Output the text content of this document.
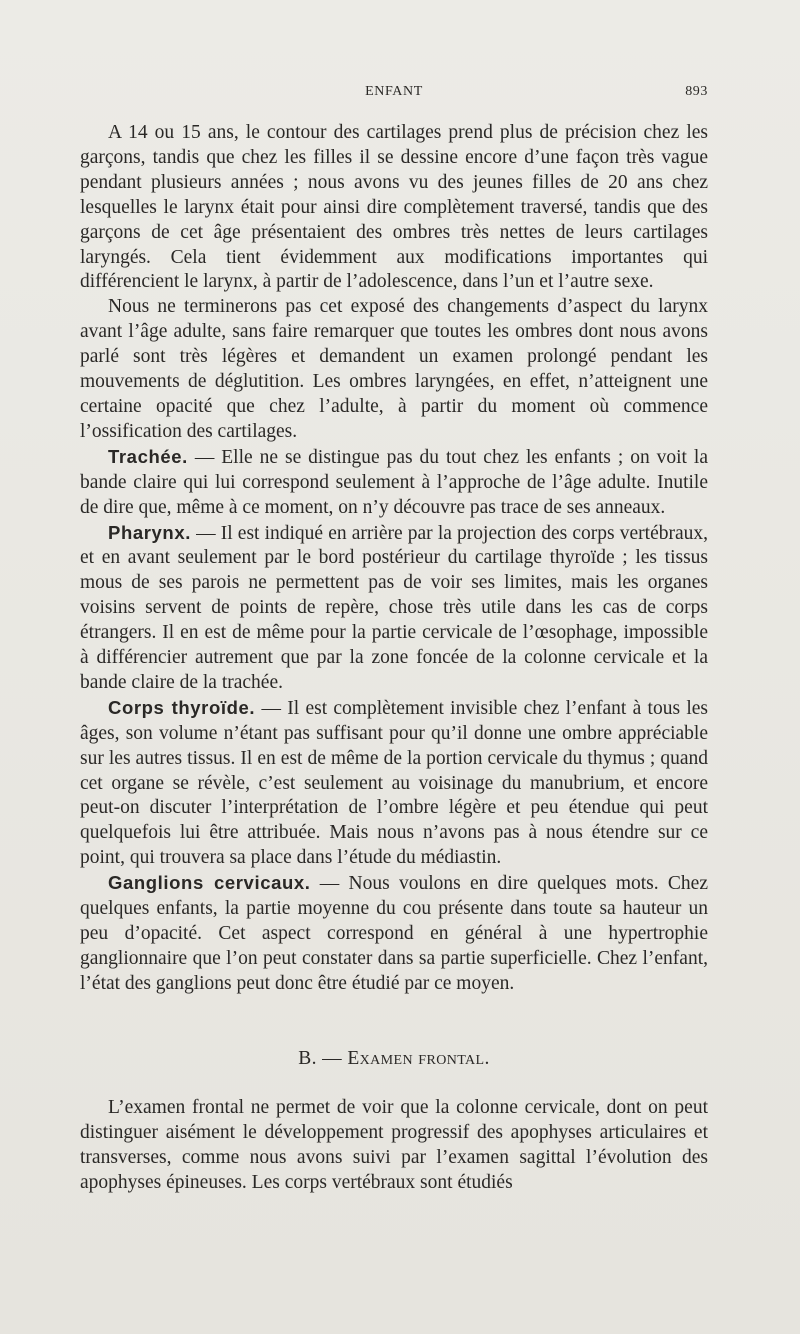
ENFANT	893

A 14 ou 15 ans, le contour des cartilages prend plus de précision chez les garçons, tandis que chez les filles il se dessine encore d’une façon très vague pendant plusieurs années ; nous avons vu des jeunes filles de 20 ans chez lesquelles le larynx était pour ainsi dire complètement traversé, tandis que des garçons de cet âge présentaient des ombres très nettes de leurs cartilages laryngés. Cela tient évidemment aux modifications importantes qui différencient le larynx, à partir de l’adolescence, dans l’un et l’autre sexe.

Nous ne terminerons pas cet exposé des changements d’aspect du larynx avant l’âge adulte, sans faire remarquer que toutes les ombres dont nous avons parlé sont très légères et demandent un examen prolongé pendant les mouvements de déglutition. Les ombres laryngées, en effet, n’atteignent une certaine opacité que chez l’adulte, à partir du moment où commence l’ossification des cartilages.

Trachée. — Elle ne se distingue pas du tout chez les enfants ; on voit la bande claire qui lui correspond seulement à l’approche de l’âge adulte. Inutile de dire que, même à ce moment, on n’y découvre pas trace de ses anneaux.

Pharynx. — Il est indiqué en arrière par la projection des corps vertébraux, et en avant seulement par le bord postérieur du cartilage thyroïde ; les tissus mous de ses parois ne permettent pas de voir ses limites, mais les organes voisins servent de points de repère, chose très utile dans les cas de corps étrangers. Il en est de même pour la partie cervicale de l’œsophage, impossible à différencier autrement que par la zone foncée de la colonne cervicale et la bande claire de la trachée.

Corps thyroïde. — Il est complètement invisible chez l’enfant à tous les âges, son volume n’étant pas suffisant pour qu’il donne une ombre appréciable sur les autres tissus. Il en est de même de la portion cervicale du thymus ; quand cet organe se révèle, c’est seulement au voisinage du manubrium, et encore peut-on discuter l’interprétation de l’ombre légère et peu étendue qui peut quelquefois lui être attribuée. Mais nous n’avons pas à nous étendre sur ce point, qui trouvera sa place dans l’étude du médiastin.

Ganglions cervicaux. — Nous voulons en dire quelques mots. Chez quelques enfants, la partie moyenne du cou présente dans toute sa hauteur un peu d’opacité. Cet aspect correspond en général à une hypertrophie ganglionnaire que l’on peut constater dans sa partie superficielle. Chez l’enfant, l’état des ganglions peut donc être étudié par ce moyen.

B. — Examen frontal.

L’examen frontal ne permet de voir que la colonne cervicale, dont on peut distinguer aisément le développement progressif des apophyses articulaires et transverses, comme nous avons suivi par l’examen sagittal l’évolution des apophyses épineuses. Les corps vertébraux sont étudiés
